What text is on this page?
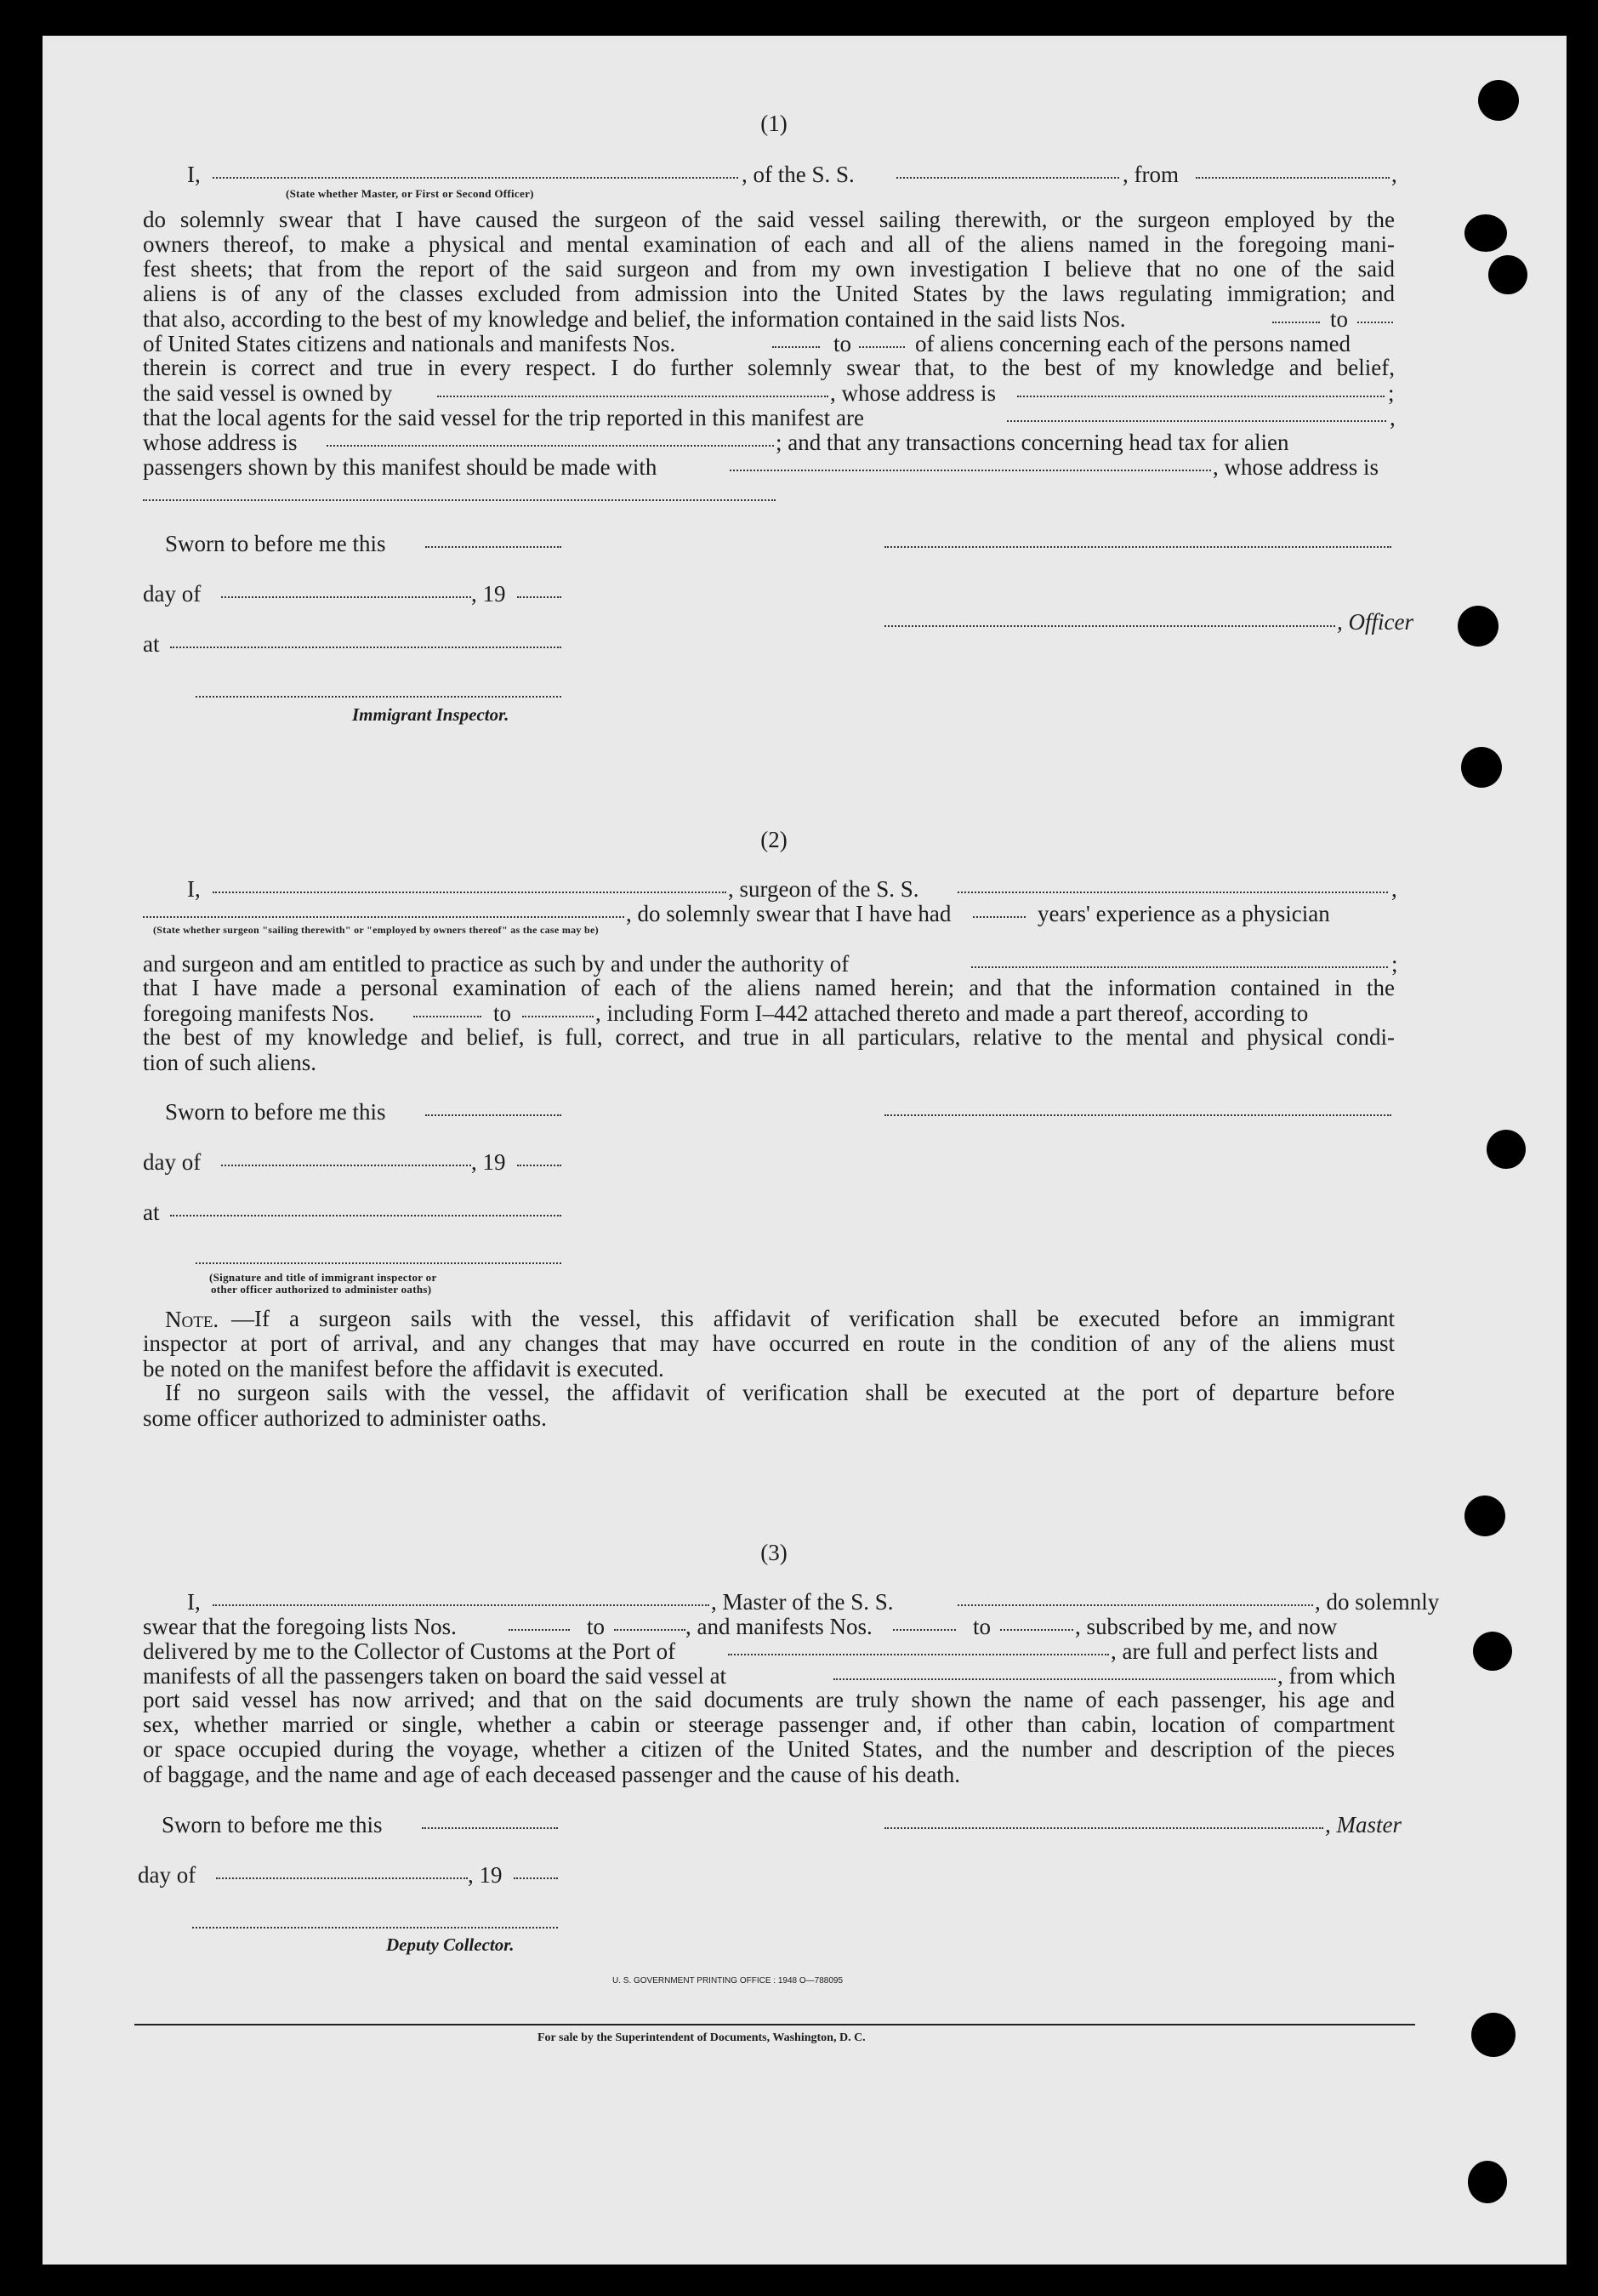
(1)
I,	, of the S. S.	, from	,
(State whether Master, or First or Second Officer)
do solemnly swear that I have caused the surgeon of the said vessel sailing therewith, or the surgeon employed by the
owners thereof, to make a physical and mental examination of each and all of the aliens named in the foregoing mani-
fest sheets; that from the report of the said surgeon and from my own investigation I believe that no one of the said
aliens is of any of the classes excluded from admission into the United States by the laws regulating immigration; and
that also, according to the best of my knowledge and belief, the information contained in the said lists Nos.	to
of United States citizens and nationals and manifests Nos.	to	of aliens concerning each of the persons named
therein is correct and true in every respect. I do further solemnly swear that, to the best of my knowledge and belief,
the said vessel is owned by	, whose address is	;
that the local agents for the said vessel for the trip reported in this manifest are	,
whose address is	; and that any transactions concerning head tax for alien
passengers shown by this manifest should be made with	, whose address is
Sworn to before me this
day of	, 19
, Officer
at
Immigrant Inspector.
(2)
I,	, surgeon of the S. S.	,
, do solemnly swear that I have had	years' experience as a physician
(State whether surgeon "sailing therewith" or "employed by owners thereof" as the case may be)
and surgeon and am entitled to practice as such by and under the authority of	;
that I have made a personal examination of each of the aliens named herein; and that the information contained in the
foregoing manifests Nos.	to	, including Form I–442 attached thereto and made a part thereof, according to
the best of my knowledge and belief, is full, correct, and true in all particulars, relative to the mental and physical condi-
tion of such aliens.
Sworn to before me this
day of	, 19
at
(Signature and title of immigrant inspector or
other officer authorized to administer oaths)
Note. —If a surgeon sails with the vessel, this affidavit of verification shall be executed before an immigrant
inspector at port of arrival, and any changes that may have occurred en route in the condition of any of the aliens must
be noted on the manifest before the affidavit is executed.
If no surgeon sails with the vessel, the affidavit of verification shall be executed at the port of departure before
some officer authorized to administer oaths.
(3)
I,	, Master of the S. S.	, do solemnly
swear that the foregoing lists Nos.	to	, and manifests Nos.	to	, subscribed by me, and now
delivered by me to the Collector of Customs at the Port of	, are full and perfect lists and
manifests of all the passengers taken on board the said vessel at	, from which
port said vessel has now arrived; and that on the said documents are truly shown the name of each passenger, his age and
sex, whether married or single, whether a cabin or steerage passenger and, if other than cabin, location of compartment
or space occupied during the voyage, whether a citizen of the United States, and the number and description of the pieces
of baggage, and the name and age of each deceased passenger and the cause of his death.
Sworn to before me this	, Master
day of	, 19
Deputy Collector.
U. S. GOVERNMENT PRINTING OFFICE : 1948 O—788095
For sale by the Superintendent of Documents, Washington, D. C.
